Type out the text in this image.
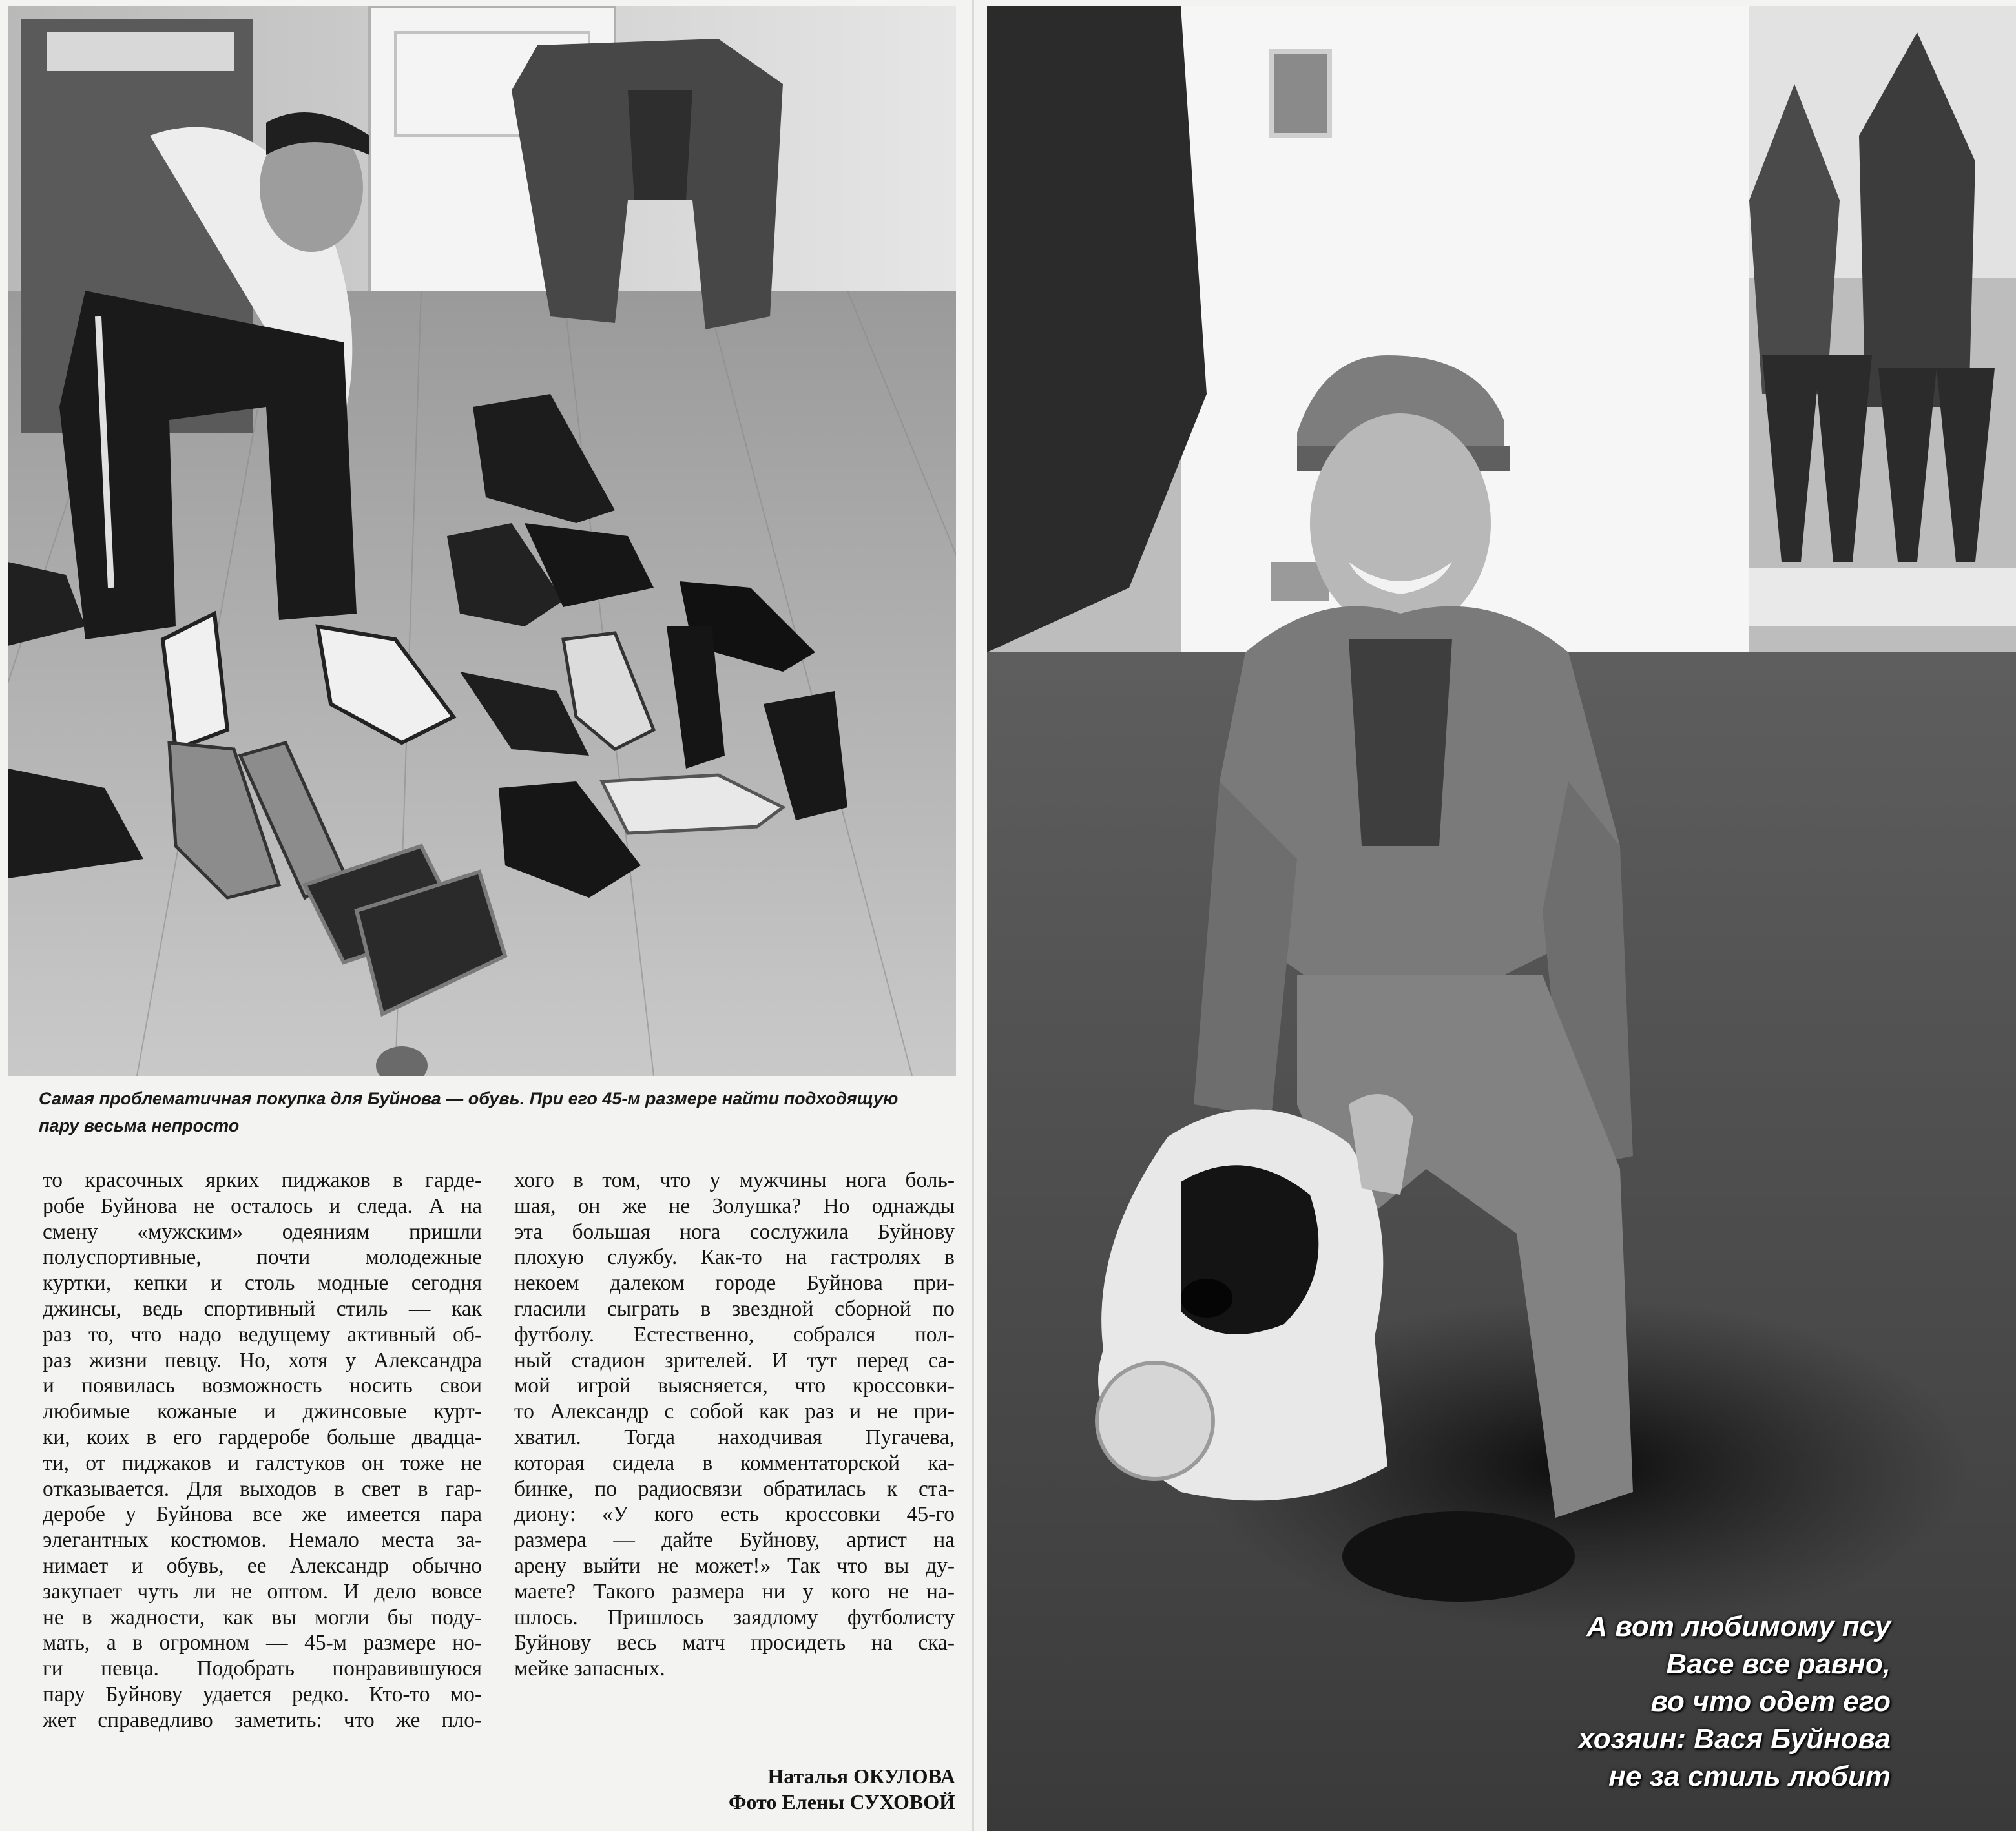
Самая проблематичная покупка для Буйнова — обувь. При его 45-м размере найти подходящую
пару весьма непросто
то красочных ярких пиджаков в гарде-
робе Буйнова не осталось и следа. А на
смену «мужским» одеяниям пришли
полуспортивные, почти молодежные
куртки, кепки и столь модные сегодня
джинсы, ведь спортивный стиль — как
раз то, что надо ведущему активный об-
раз жизни певцу. Но, хотя у Александра
и появилась возможность носить свои
любимые кожаные и джинсовые курт-
ки, коих в его гардеробе больше двадца-
ти, от пиджаков и галстуков он тоже не
отказывается. Для выходов в свет в гар-
деробе у Буйнова все же имеется пара
элегантных костюмов. Немало места за-
нимает и обувь, ее Александр обычно
закупает чуть ли не оптом. И дело вовсе
не в жадности, как вы могли бы поду-
мать, а в огромном — 45-м размере но-
ги певца. Подобрать понравившуюся
пару Буйнову удается редко. Кто-то мо-
жет справедливо заметить: что же пло-
хого в том, что у мужчины нога боль-
шая, он же не Золушка? Но однажды
эта большая нога сослужила Буйнову
плохую службу. Как-то на гастролях в
некоем далеком городе Буйнова при-
гласили сыграть в звездной сборной по
футболу. Естественно, собрался пол-
ный стадион зрителей. И тут перед са-
мой игрой выясняется, что кроссовки-
то Александр с собой как раз и не при-
хватил. Тогда находчивая Пугачева,
которая сидела в комментаторской ка-
бинке, по радиосвязи обратилась к ста-
диону: «У кого есть кроссовки 45-го
размера — дайте Буйнову, артист на
арену выйти не может!» Так что вы ду-
маете? Такого размера ни у кого не на-
шлось. Пришлось заядлому футболисту
Буйнову весь матч просидеть на ска-
мейке запасных.
Наталья ОКУЛОВА
Фото Елены СУХОВОЙ
А вот любимому псу
Васе все равно,
во что одет его
хозяин: Вася Буйнова
не за стиль любит
